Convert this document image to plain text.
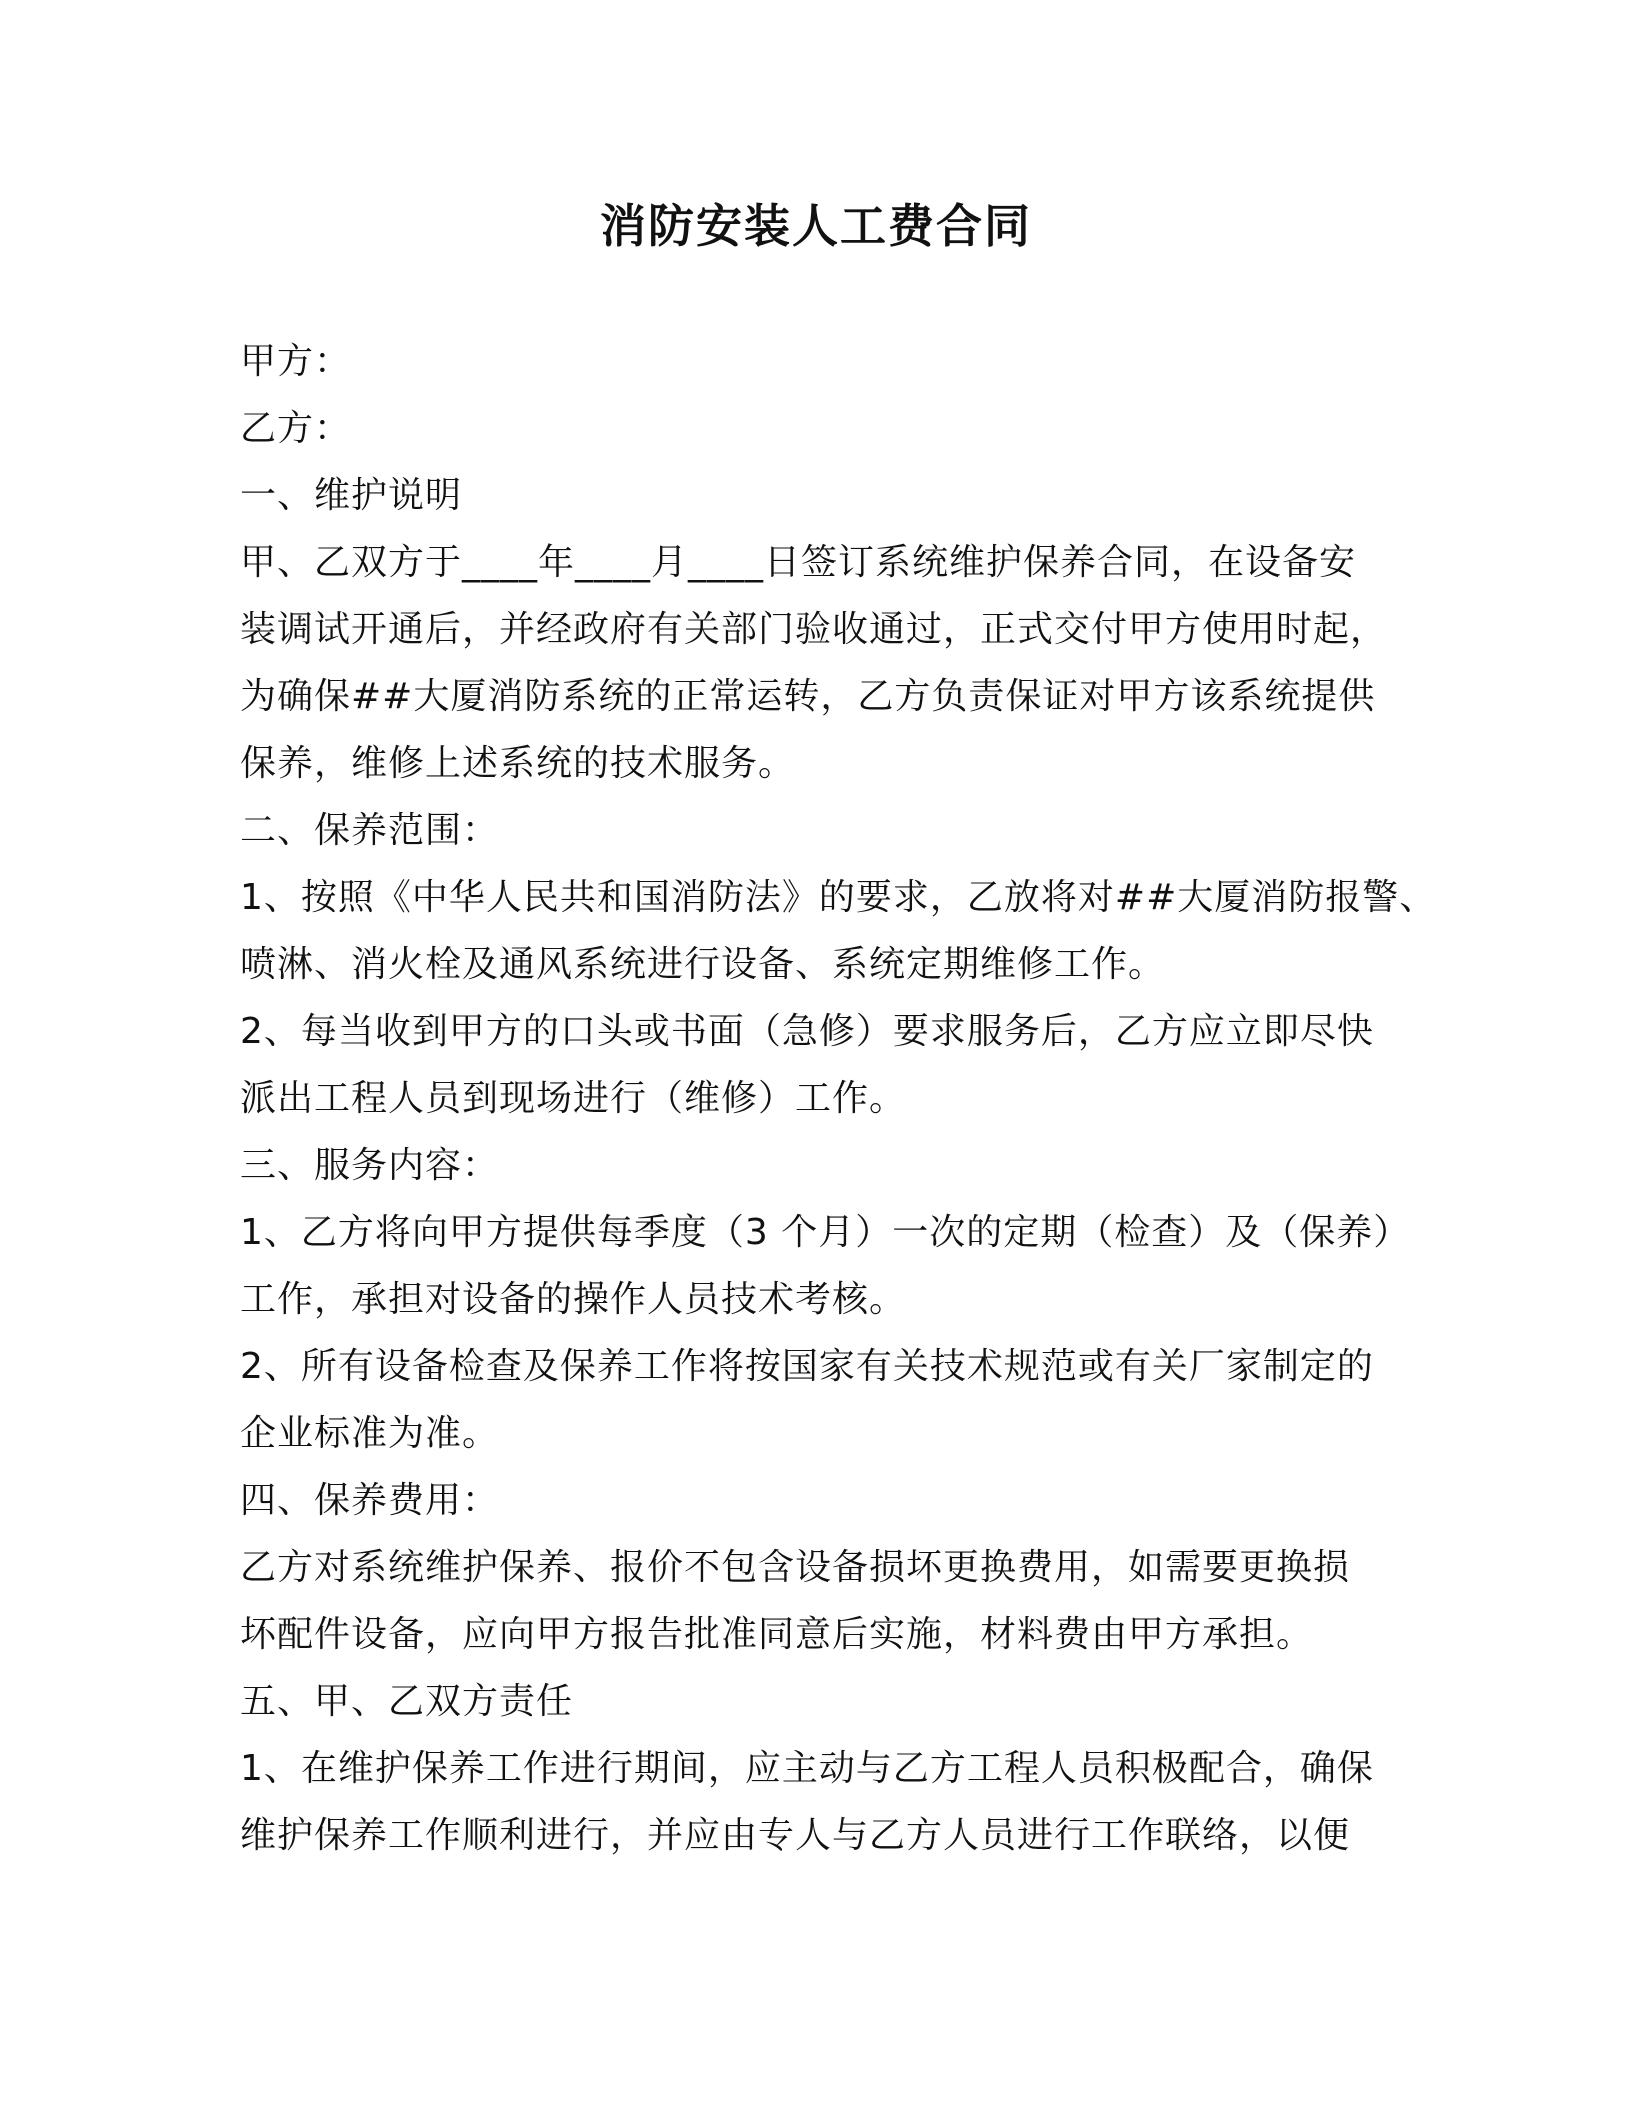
消防安装人工费合同
甲方：
乙方：
一、维护说明
甲、乙双方于____年____月____日签订系统维护保养合同，在设备安
装调试开通后，并经政府有关部门验收通过，正式交付甲方使用时起，
为确保##大厦消防系统的正常运转，乙方负责保证对甲方该系统提供
保养，维修上述系统的技术服务。
二、保养范围：
1、按照《中华人民共和国消防法》的要求，乙放将对##大厦消防报警、
喷淋、消火栓及通风系统进行设备、系统定期维修工作。
2、每当收到甲方的口头或书面（急修）要求服务后，乙方应立即尽快
派出工程人员到现场进行（维修）工作。
三、服务内容：
1、乙方将向甲方提供每季度（3 个月）一次的定期（检查）及（保养）
工作，承担对设备的操作人员技术考核。
2、所有设备检查及保养工作将按国家有关技术规范或有关厂家制定的
企业标准为准。
四、保养费用：
乙方对系统维护保养、报价不包含设备损坏更换费用，如需要更换损
坏配件设备，应向甲方报告批准同意后实施，材料费由甲方承担。
五、甲、乙双方责任
1、在维护保养工作进行期间，应主动与乙方工程人员积极配合，确保
维护保养工作顺利进行，并应由专人与乙方人员进行工作联络，以便
